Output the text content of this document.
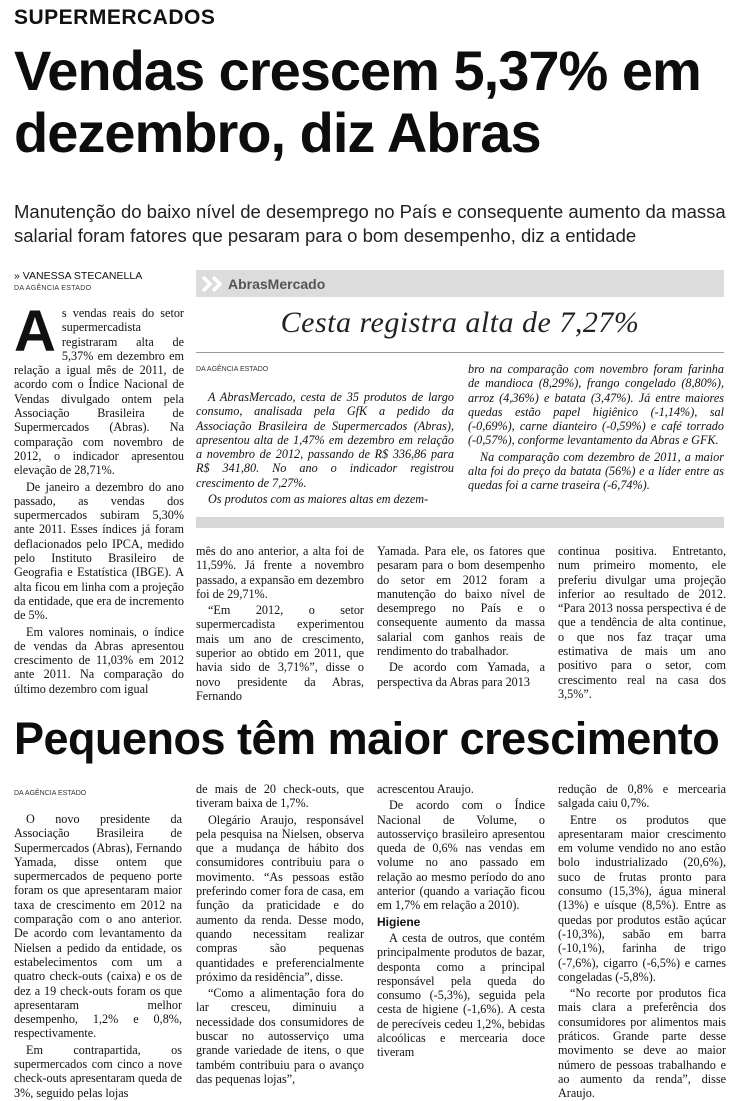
SUPERMERCADOS
Vendas crescem 5,37% em dezembro, diz Abras
Manutenção do baixo nível de desemprego no País e consequente aumento da massa salarial foram fatores que pesaram para o bom desempenho, diz a entidade
» VANESSA STECANELLA
DA AGÊNCIA ESTADO
A s vendas reais do setor supermercadista registraram alta de 5,37% em dezembro em relação a igual mês de 2011, de acordo com o Índice Nacional de Vendas divulgado ontem pela Associação Brasileira de Supermercados (Abras). Na comparação com novembro de 2012, o indicador apresentou elevação de 28,71%.

De janeiro a dezembro do ano passado, as vendas dos supermercados subiram 5,30% ante 2011. Esses índices já foram deflacionados pelo IPCA, medido pelo Instituto Brasileiro de Geografia e Estatística (IBGE). A alta ficou em linha com a projeção da entidade, que era de incremento de 5%.

Em valores nominais, o índice de vendas da Abras apresentou crescimento de 11,03% em 2012 ante 2011. Na comparação do último dezembro com igual

AbrasMercado
Cesta registra alta de 7,27%
DA AGÊNCIA ESTADO

A AbrasMercado, cesta de 35 produtos de largo consumo, analisada pela GfK a pedido da Associação Brasileira de Supermercados (Abras), apresentou alta de 1,47% em dezembro em relação a novembro de 2012, passando de R$ 336,86 para R$ 341,80. No ano o indicador registrou crescimento de 7,27%.

Os produtos com as maiores altas em dezem-

bro na comparação com novembro foram farinha de mandioca (8,29%), frango congelado (8,80%), arroz (4,36%) e batata (3,47%). Já entre maiores quedas estão papel higiênico (-1,14%), sal (-0,69%), carne dianteiro (-0,59%) e café torrado (-0,57%), conforme levantamento da Abras e GFK.

Na comparação com dezembro de 2011, a maior alta foi do preço da batata (56%) e a líder entre as quedas foi a carne traseira (-6,74%).

mês do ano anterior, a alta foi de 11,59%. Já frente a novembro passado, a expansão em dezembro foi de 29,71%.

“Em 2012, o setor supermercadista experimentou mais um ano de crescimento, superior ao obtido em 2011, que havia sido de 3,71%”, disse o novo presidente da Abras, Fernando

Yamada. Para ele, os fatores que pesaram para o bom desempenho do setor em 2012 foram a manutenção do baixo nível de desemprego no País e o consequente aumento da massa salarial com ganhos reais de rendimento do trabalhador.

De acordo com Yamada, a perspectiva da Abras para 2013

continua positiva. Entretanto, num primeiro momento, ele preferiu divulgar uma projeção inferior ao resultado de 2012. “Para 2013 nossa perspectiva é de que a tendência de alta continue, o que nos faz traçar uma estimativa de mais um ano positivo para o setor, com crescimento real na casa dos 3,5%”.

Pequenos têm maior crescimento
DA AGÊNCIA ESTADO

O novo presidente da Associação Brasileira de Supermercados (Abras), Fernando Yamada, disse ontem que supermercados de pequeno porte foram os que apresentaram maior taxa de crescimento em 2012 na comparação com o ano anterior. De acordo com levantamento da Nielsen a pedido da entidade, os estabelecimentos com um a quatro check-outs (caixa) e os de dez a 19 check-outs foram os que apresentaram melhor desempenho, 1,2% e 0,8%, respectivamente.

Em contrapartida, os supermercados com cinco a nove check-outs apresentaram queda de 3%, seguido pelas lojas

de mais de 20 check-outs, que tiveram baixa de 1,7%.

Olegário Araujo, responsável pela pesquisa na Nielsen, observa que a mudança de hábito dos consumidores contribuiu para o movimento. “As pessoas estão preferindo comer fora de casa, em função da praticidade e do aumento da renda. Desse modo, quando necessitam realizar compras são pequenas quantidades e preferencialmente próximo da residência”, disse.

“Como a alimentação fora do lar cresceu, diminuiu a necessidade dos consumidores de buscar no autosserviço uma grande variedade de itens, o que também contribuiu para o avanço das pequenas lojas”,

acrescentou Araujo.

De acordo com o Índice Nacional de Volume, o autosserviço brasileiro apresentou queda de 0,6% nas vendas em volume no ano passado em relação ao mesmo período do ano anterior (quando a variação ficou em 1,7% em relação a 2010).

Higiene

A cesta de outros, que contém principalmente produtos de bazar, desponta como a principal responsável pela queda do consumo (-5,3%), seguida pela cesta de higiene (-1,6%). A cesta de perecíveis cedeu 1,2%, bebidas alcoólicas e mercearia doce tiveram

redução de 0,8% e mercearia salgada caiu 0,7%.

Entre os produtos que apresentaram maior crescimento em volume vendido no ano estão bolo industrializado (20,6%), suco de frutas pronto para consumo (15,3%), água mineral (13%) e uísque (8,5%). Entre as quedas por produtos estão açúcar (-10,3%), sabão em barra (-10,1%), farinha de trigo (-7,6%), cigarro (-6,5%) e carnes congeladas (-5,8%).

“No recorte por produtos fica mais clara a preferência dos consumidores por alimentos mais práticos. Grande parte desse movimento se deve ao maior número de pessoas trabalhando e ao aumento da renda”, disse Araujo.
